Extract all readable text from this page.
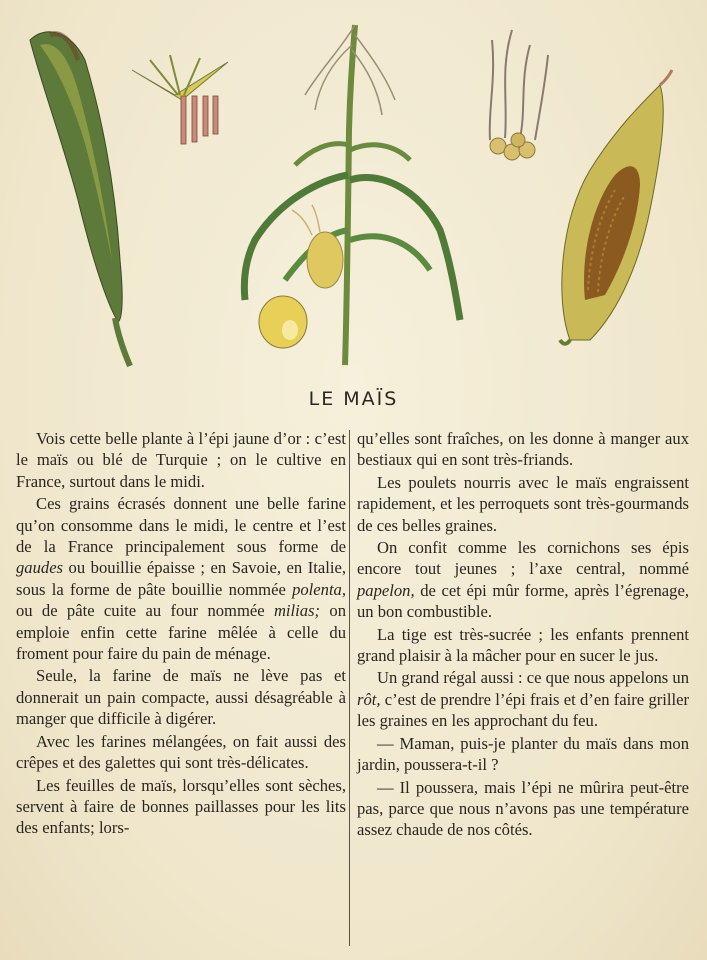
LE MAÏS

Vois cette belle plante à l’épi jaune d’or : c’est le maïs ou blé de Turquie ; on le cultive en France, surtout dans le midi.

Ces grains écrasés donnent une belle farine qu’on consomme dans le midi, le centre et l’est de la France principalement sous forme de gaudes ou bouillie épaisse ; en Savoie, en Italie, sous la forme de pâte bouillie nommée polenta, ou de pâte cuite au four nommée milias; on emploie enfin cette farine mêlée à celle du froment pour faire du pain de ménage.

Seule, la farine de maïs ne lève pas et donnerait un pain compacte, aussi désagréable à manger que difficile à digérer.

Avec les farines mélangées, on fait aussi des crêpes et des galettes qui sont très-délicates.

Les feuilles de maïs, lorsqu’elles sont sèches, servent à faire de bonnes paillasses pour les lits des enfants; lors-

qu’elles sont fraîches, on les donne à manger aux bestiaux qui en sont très-friands.

Les poulets nourris avec le maïs engraissent rapidement, et les perroquets sont très-gourmands de ces belles graines.

On confit comme les cornichons ses épis encore tout jeunes ; l’axe central, nommé papelon, de cet épi mûr forme, après l’égrenage, un bon combustible.

La tige est très-sucrée ; les enfants prennent grand plaisir à la mâcher pour en sucer le jus.

Un grand régal aussi : ce que nous appelons un rôt, c’est de prendre l’épi frais et d’en faire griller les graines en les approchant du feu.

— Maman, puis-je planter du maïs dans mon jardin, poussera-t-il ?

— Il poussera, mais l’épi ne mûrira peut-être pas, parce que nous n’avons pas une température assez chaude de nos côtés.
